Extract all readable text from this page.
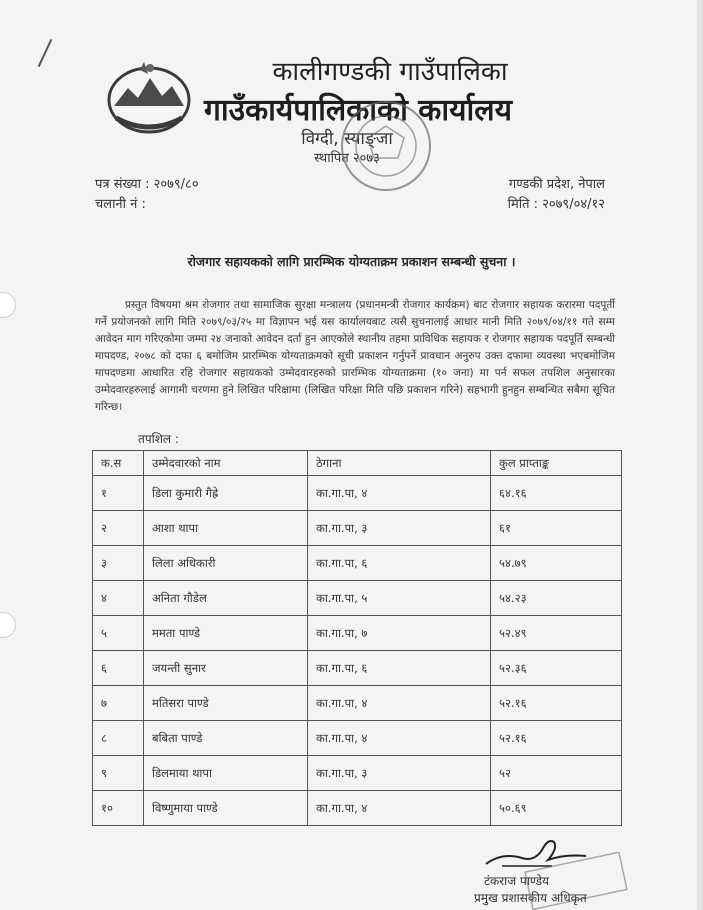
कालीगण्डकी गाउँपालिका
गाउँकार्यपालिकाको कार्यालय
विग्दी, स्याङ्जा
स्थापित २०७३
पत्र संख्या : २०७९/८०
चलानी नं :
गण्डकी प्रदेश, नेपाल
मिति : २०७९/०४/१२
रोजगार सहायकको लागि प्रारम्भिक योग्यताक्रम प्रकाशन सम्बन्धी सुचना ।
प्रस्तुत विषयमा श्रम रोजगार तथा सामाजिक सुरक्षा मन्त्रालय (प्रधानमन्त्री रोजगार कार्यक्रम) बाट रोजगार सहायक करारमा पदपूर्ती गर्ने प्रयोजनको लागि मिति २०७९/०३/२५ मा विज्ञापन भई यस कार्यालयबाट त्यसै सुचनालाई आधार मानी मिति २०७९/०४/११ गते सम्म आवेदन माग गरिएकोमा जम्मा २४ जनाको आवेदन दर्ता हुन आएकोले स्थानीय तहमा प्राविधिक सहायक र रोजगार सहायक पदपूर्ति सम्बन्धी मापदण्ड, २०७८ को दफा ६ बमोजिम प्रारम्भिक योग्यताक्रमको सूची प्रकाशन गर्नुपर्ने प्रावधान अनुरुप उक्त दफामा व्यवस्था भएबमोजिम मापदण्डमा आधारित रहि रोजगार सहायकको उम्मेदवारहरुको प्रारम्भिक योग्यताक्रमा (१० जना) मा पर्न सफल तपशिल अनुसारका उम्मेदवारहरुलाई आगामी चरणमा हुने लिखित परिक्षामा (लिखित परिक्षा मिति पछि प्रकाशन गरिने) सहभागी हुनहुन सम्बन्धित सबैमा सूचित गरिन्छ।
तपशिल :
क.स	उम्मेदवारको नाम	ठेगाना	कुल प्राप्ताङ्क
१	डिला कुमारी गैह्रे	का.गा.पा, ४	६४.१६
२	आशा थापा	का.गा.पा, ३	६१
३	लिला अधिकारी	का.गा.पा, ६	५४.७९
४	अनिता गौडेल	का.गा.पा, ५	५४.२३
५	ममता पाण्डे	का.गा.पा, ७	५२.४९
६	जयन्ती सुनार	का.गा.पा, ६	५२.३६
७	मतिसरा पाण्डे	का.गा.पा, ४	५२.१६
८	बबिता पाण्डे	का.गा.पा, ४	५२.१६
९	डिलमाया थापा	का.गा.पा, ३	५२
१०	विष्णुमाया पाण्डे	का.गा.पा, ४	५०.६९
टंकराज पाण्डेय
प्रमुख प्रशासकीय अधिकृत
